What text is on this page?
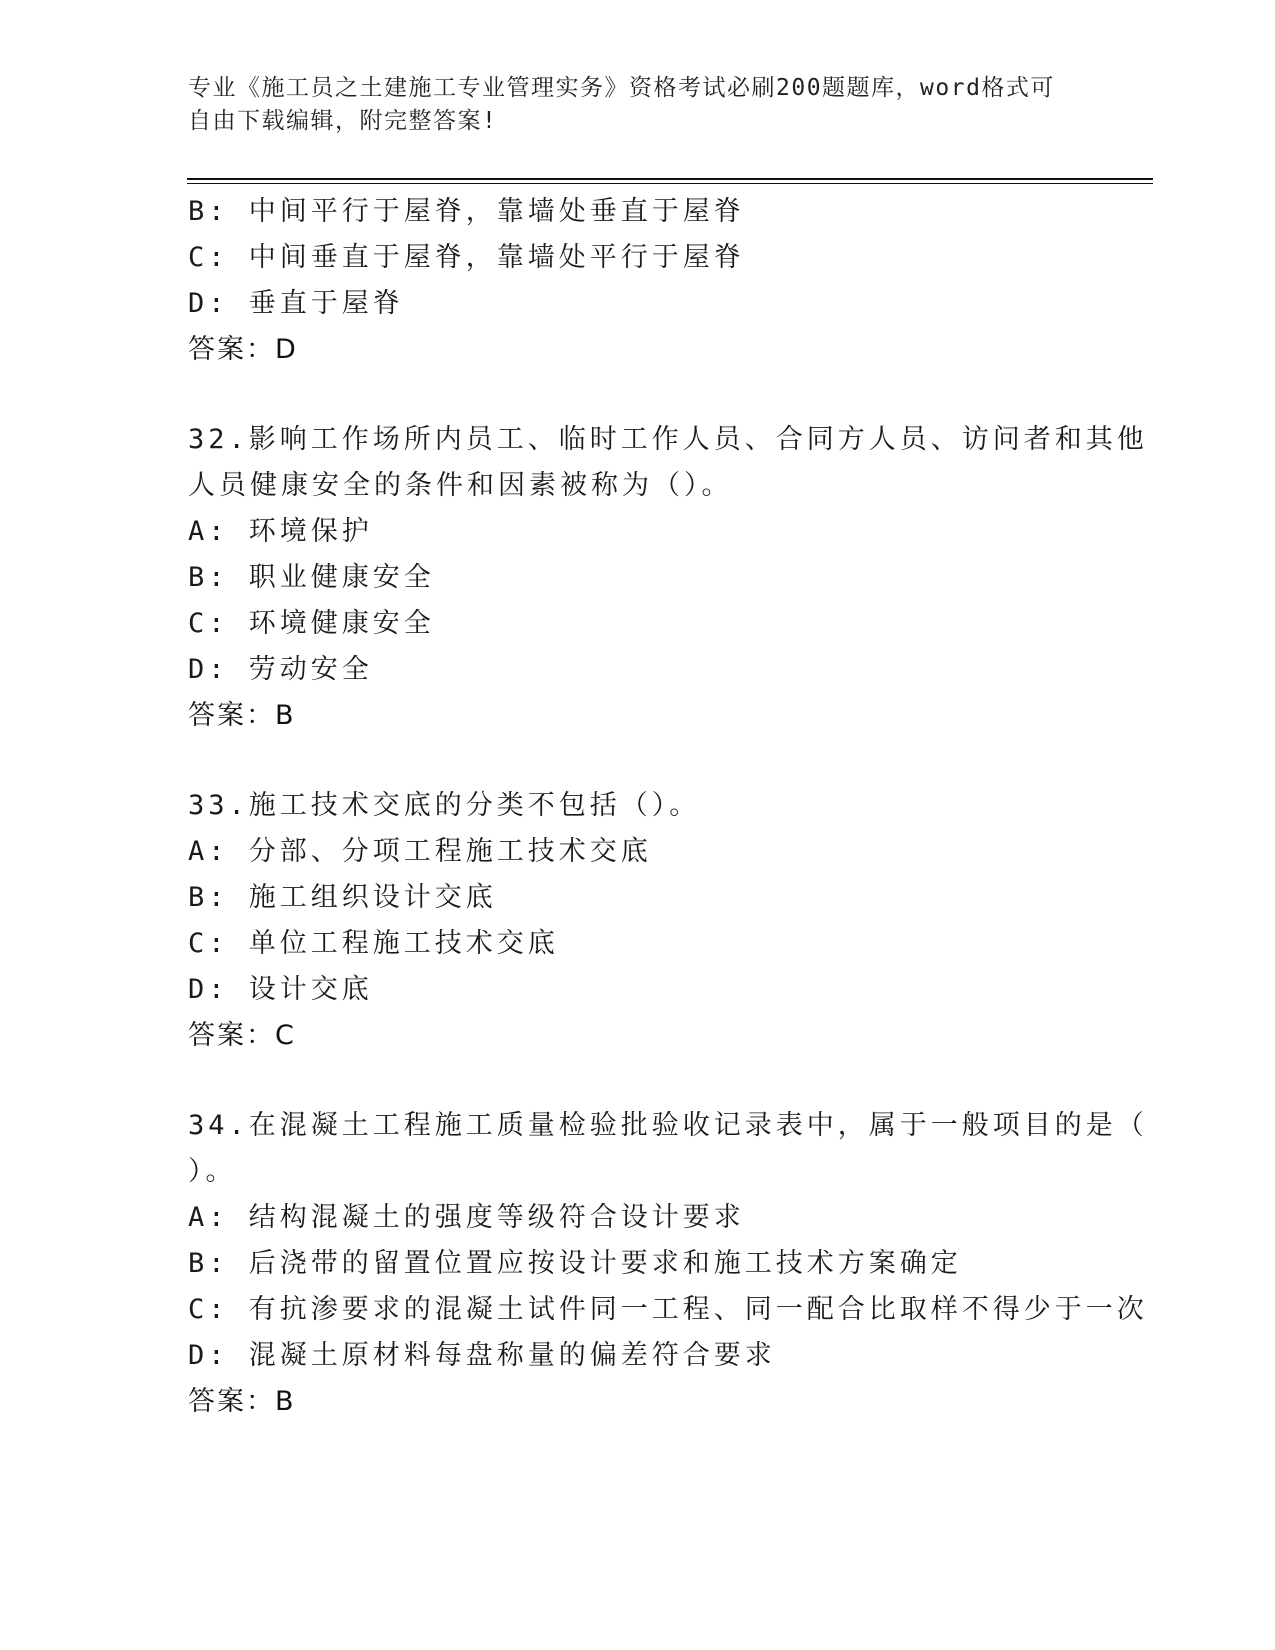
专业《施工员之土建施工专业管理实务》资格考试必刷200题题库，word格式可
自由下载编辑，附完整答案!
B: 中间平行于屋脊，靠墙处垂直于屋脊
C: 中间垂直于屋脊，靠墙处平行于屋脊
D: 垂直于屋脊
答案：D
32.影响工作场所内员工、临时工作人员、合同方人员、访问者和其他
人员健康安全的条件和因素被称为（）。
A: 环境保护
B: 职业健康安全
C: 环境健康安全
D: 劳动安全
答案：B
33.施工技术交底的分类不包括（）。
A: 分部、分项工程施工技术交底
B: 施工组织设计交底
C: 单位工程施工技术交底
D: 设计交底
答案：C
34.在混凝土工程施工质量检验批验收记录表中，属于一般项目的是（
）。
A: 结构混凝土的强度等级符合设计要求
B: 后浇带的留置位置应按设计要求和施工技术方案确定
C: 有抗渗要求的混凝土试件同一工程、同一配合比取样不得少于一次
D: 混凝土原材料每盘称量的偏差符合要求
答案：B
